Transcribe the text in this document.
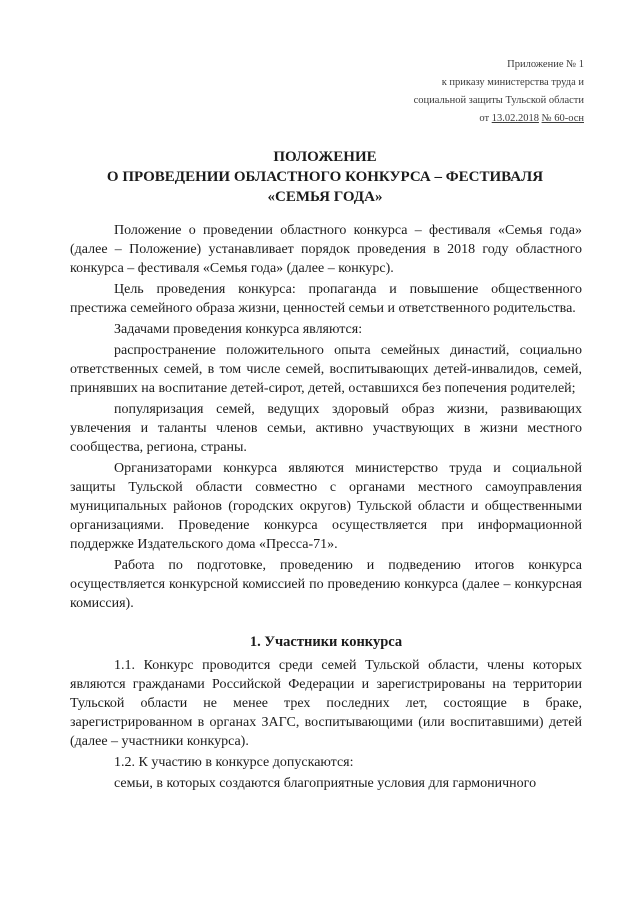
Приложение № 1
к приказу министерства труда и
социальной защиты Тульской области
от 13.02.2018 № 60-осн
ПОЛОЖЕНИЕ
О ПРОВЕДЕНИИ ОБЛАСТНОГО КОНКУРСА – ФЕСТИВАЛЯ
«СЕМЬЯ ГОДА»

Положение о проведении областного конкурса – фестиваля «Семья года» (далее – Положение) устанавливает порядок проведения в 2018 году областного конкурса – фестиваля «Семья года» (далее – конкурс).

Цель проведения конкурса: пропаганда и повышение общественного престижа семейного образа жизни, ценностей семьи и ответственного родительства.

Задачами проведения конкурса являются:

распространение положительного опыта семейных династий, социально ответственных семей, в том числе семей, воспитывающих детей-инвалидов, семей, принявших на воспитание детей-сирот, детей, оставшихся без попечения родителей;

популяризация семей, ведущих здоровый образ жизни, развивающих увлечения и таланты членов семьи, активно участвующих в жизни местного сообщества, региона, страны.

Организаторами конкурса являются министерство труда и социальной защиты Тульской области совместно с органами местного самоуправления муниципальных районов (городских округов) Тульской области и общественными организациями. Проведение конкурса осуществляется при информационной поддержке Издательского дома «Пресса-71».

Работа по подготовке, проведению и подведению итогов конкурса осуществляется конкурсной комиссией по проведению конкурса (далее – конкурсная комиссия).

1. Участники конкурса

1.1. Конкурс проводится среди семей Тульской области, члены которых являются гражданами Российской Федерации и зарегистрированы на территории Тульской области не менее трех последних лет, состоящие в браке, зарегистрированном в органах ЗАГС, воспитывающими (или воспитавшими) детей (далее – участники конкурса).

1.2. К участию в конкурсе допускаются:

семьи, в которых создаются благоприятные условия для гармоничного
